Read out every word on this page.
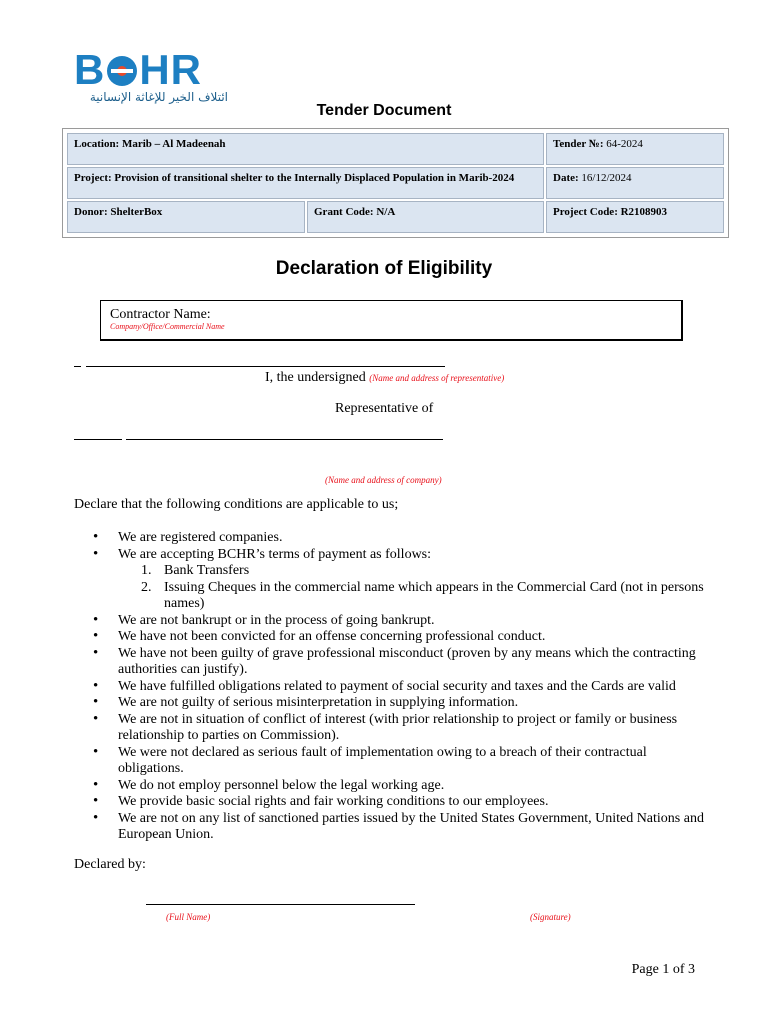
B HR
ائتلاف الخير للإغاثة الإنسانية
Tender Document
Location: Marib – Al Madeenah		Tender №: 64-2024
Project: Provision of transitional shelter to the Internally Displaced Population in Marib-2024		Date: 16/12/2024
Donor: ShelterBox	Grant Code: N/A	Project Code: R2108903
Declaration of Eligibility
Contractor Name:
Company/Office/Commercial Name
I, the undersigned (Name and address of representative)
Representative of
(Name and address of company)
Declare that the following conditions are applicable to us;
• We are registered companies.
• We are accepting BCHR’s terms of payment as follows:
1. Bank Transfers
2. Issuing Cheques in the commercial name which appears in the Commercial Card (not in persons names)
• We are not bankrupt or in the process of going bankrupt.
• We have not been convicted for an offense concerning professional conduct.
• We have not been guilty of grave professional misconduct (proven by any means which the contracting authorities can justify).
• We have fulfilled obligations related to payment of social security and taxes and the Cards are valid
• We are not guilty of serious misinterpretation in supplying information.
• We are not in situation of conflict of interest (with prior relationship to project or family or business relationship to parties on Commission).
• We were not declared as serious fault of implementation owing to a breach of their contractual obligations.
• We do not employ personnel below the legal working age.
• We provide basic social rights and fair working conditions to our employees.
• We are not on any list of sanctioned parties issued by the United States Government, United Nations and European Union.
Declared by:
(Full Name)	(Signature)
Page 1 of 3
